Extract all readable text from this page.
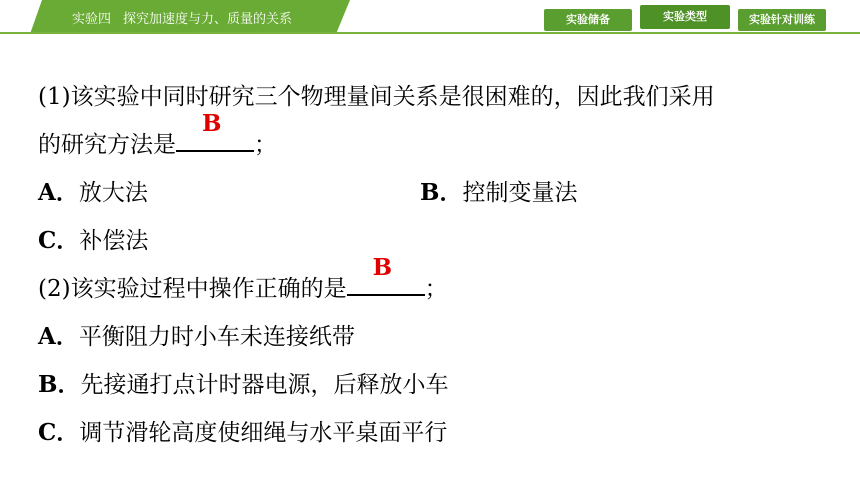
实验四 探究加速度与力、质量的关系	实验储备	实验类型	实验针对训练
(1)该实验中同时研究三个物理量间关系是很困难的，因此我们采用
的研究方法是
B
；
A．放大法	B．控制变量法
C．补偿法
(2)该实验过程中操作正确的是
B
；
A．平衡阻力时小车未连接纸带
B．先接通打点计时器电源，后释放小车
C．调节滑轮高度使细绳与水平桌面平行
